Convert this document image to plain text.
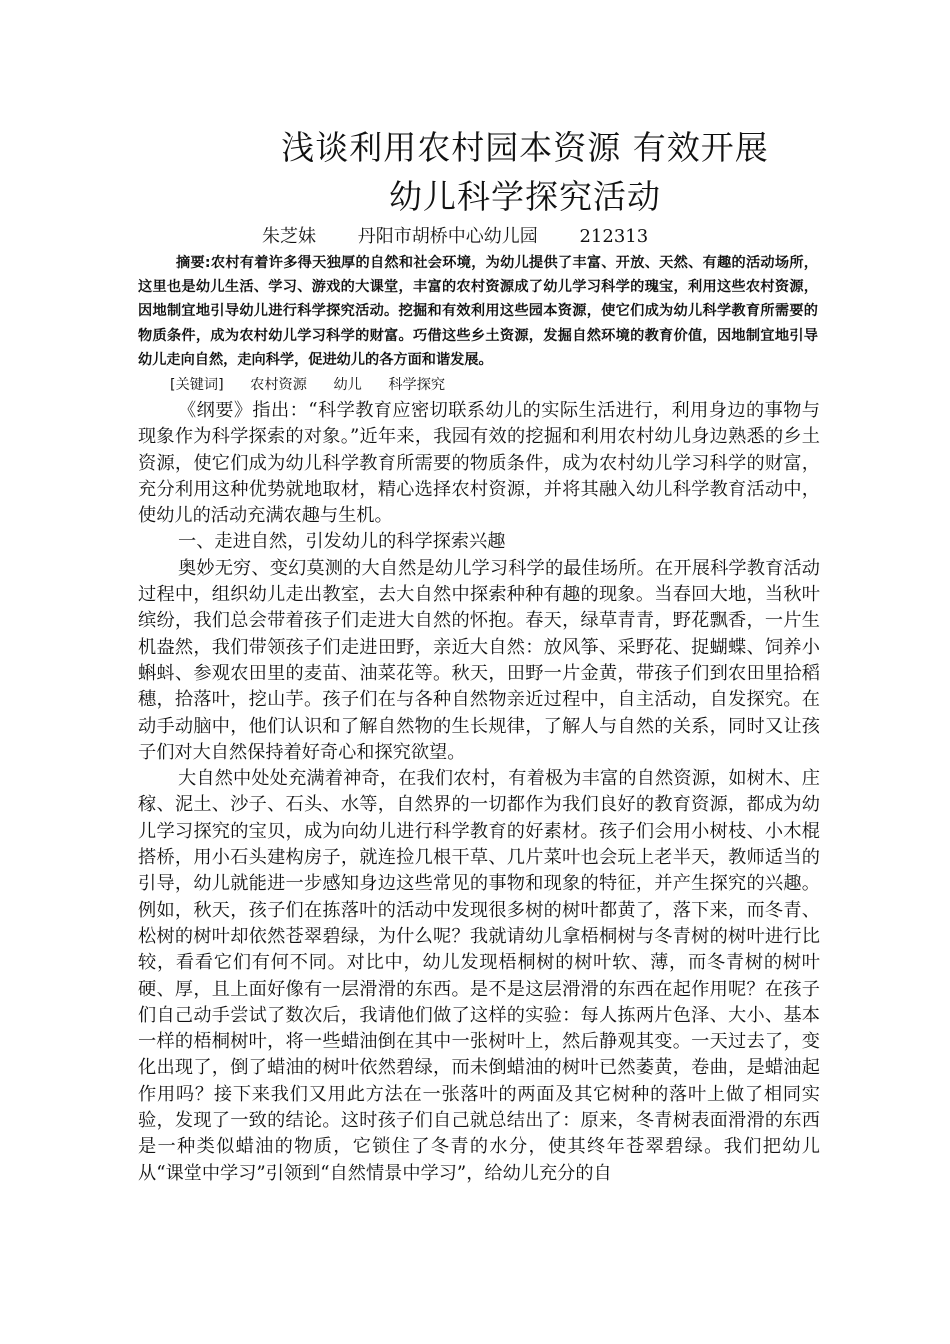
浅谈利用农村园本资源 有效开展
幼儿科学探究活动
朱芝妹 丹阳市胡桥中心幼儿园 212313
摘要:农村有着许多得天独厚的自然和社会环境，为幼儿提供了丰富、开放、天然、有趣的活动场所，这里也是幼儿生活、学习、游戏的大课堂，丰富的农村资源成了幼儿学习科学的瑰宝，利用这些农村资源，因地制宜地引导幼儿进行科学探究活动。挖掘和有效利用这些园本资源，使它们成为幼儿科学教育所需要的物质条件，成为农村幼儿学习科学的财富。巧借这些乡土资源，发掘自然环境的教育价值，因地制宜地引导幼儿走向自然，走向科学，促进幼儿的各方面和谐发展。
[关键词] 农村资源 幼儿 科学探究

《纲要》指出：“科学教育应密切联系幼儿的实际生活进行，利用身边的事物与现象作为科学探索的对象。”近年来，我园有效的挖掘和利用农村幼儿身边熟悉的乡土资源，使它们成为幼儿科学教育所需要的物质条件，成为农村幼儿学习科学的财富，充分利用这种优势就地取材，精心选择农村资源，并将其融入幼儿科学教育活动中，使幼儿的活动充满农趣与生机。

一、走进自然，引发幼儿的科学探索兴趣

奥妙无穷、变幻莫测的大自然是幼儿学习科学的最佳场所。在开展科学教育活动过程中，组织幼儿走出教室，去大自然中探索种种有趣的现象。当春回大地，当秋叶缤纷，我们总会带着孩子们走进大自然的怀抱。春天，绿草青青，野花飘香，一片生机盎然，我们带领孩子们走进田野，亲近大自然：放风筝、采野花、捉蝴蝶、饲养小蝌蚪、参观农田里的麦苗、油菜花等。秋天，田野一片金黄，带孩子们到农田里拾稻穗，拾落叶，挖山芋。孩子们在与各种自然物亲近过程中，自主活动，自发探究。在动手动脑中，他们认识和了解自然物的生长规律，了解人与自然的关系，同时又让孩子们对大自然保持着好奇心和探究欲望。

大自然中处处充满着神奇，在我们农村，有着极为丰富的自然资源，如树木、庄稼、泥土、沙子、石头、水等，自然界的一切都作为我们良好的教育资源，都成为幼儿学习探究的宝贝，成为向幼儿进行科学教育的好素材。孩子们会用小树枝、小木棍搭桥，用小石头建构房子，就连捡几根干草、几片菜叶也会玩上老半天，教师适当的引导，幼儿就能进一步感知身边这些常见的事物和现象的特征，并产生探究的兴趣。例如，秋天，孩子们在拣落叶的活动中发现很多树的树叶都黄了，落下来，而冬青、松树的树叶却依然苍翠碧绿，为什么呢？我就请幼儿拿梧桐树与冬青树的树叶进行比较，看看它们有何不同。对比中，幼儿发现梧桐树的树叶软、薄，而冬青树的树叶硬、厚，且上面好像有一层滑滑的东西。是不是这层滑滑的东西在起作用呢？在孩子们自己动手尝试了数次后，我请他们做了这样的实验：每人拣两片色泽、大小、基本一样的梧桐树叶，将一些蜡油倒在其中一张树叶上，然后静观其变。一天过去了，变化出现了，倒了蜡油的树叶依然碧绿，而未倒蜡油的树叶已然萎黄，卷曲，是蜡油起作用吗？接下来我们又用此方法在一张落叶的两面及其它树种的落叶上做了相同实验，发现了一致的结论。这时孩子们自己就总结出了：原来，冬青树表面滑滑的东西是一种类似蜡油的物质，它锁住了冬青的水分，使其终年苍翠碧绿。我们把幼儿从“课堂中学习”引领到“自然情景中学习”，给幼儿充分的自
